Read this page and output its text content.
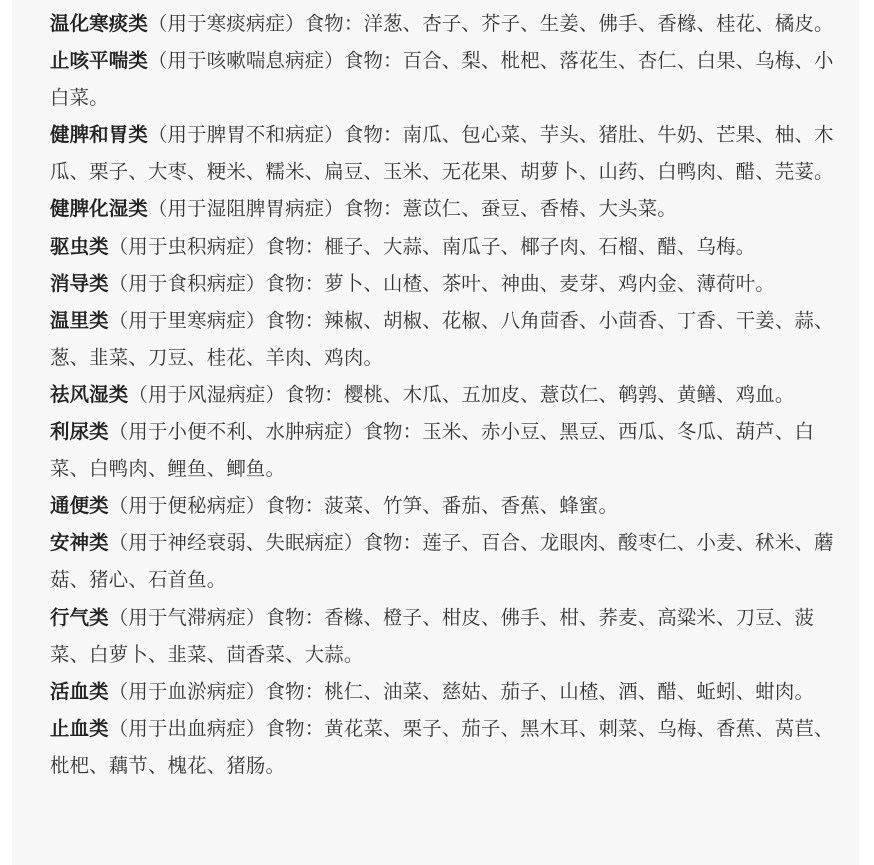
温化寒痰类（用于寒痰病症）食物：洋葱、杏子、芥子、生姜、佛手、香橼、桂花、橘皮。

止咳平喘类（用于咳嗽喘息病症）食物：百合、梨、枇杷、落花生、杏仁、白果、乌梅、小白菜。

健脾和胃类（用于脾胃不和病症）食物：南瓜、包心菜、芋头、猪肚、牛奶、芒果、柚、木瓜、栗子、大枣、粳米、糯米、扁豆、玉米、无花果、胡萝卜、山药、白鸭肉、醋、芫荽。

健脾化湿类（用于湿阻脾胃病症）食物：薏苡仁、蚕豆、香椿、大头菜。

驱虫类（用于虫积病症）食物：榧子、大蒜、南瓜子、椰子肉、石榴、醋、乌梅。

消导类（用于食积病症）食物：萝卜、山楂、茶叶、神曲、麦芽、鸡内金、薄荷叶。

温里类（用于里寒病症）食物：辣椒、胡椒、花椒、八角茴香、小茴香、丁香、干姜、蒜、葱、韭菜、刀豆、桂花、羊肉、鸡肉。

祛风湿类（用于风湿病症）食物：樱桃、木瓜、五加皮、薏苡仁、鹌鹑、黄鳝、鸡血。

利尿类（用于小便不利、水肿病症）食物：玉米、赤小豆、黑豆、西瓜、冬瓜、葫芦、白菜、白鸭肉、鲤鱼、鲫鱼。

通便类（用于便秘病症）食物：菠菜、竹笋、番茄、香蕉、蜂蜜。

安神类（用于神经衰弱、失眠病症）食物：莲子、百合、龙眼肉、酸枣仁、小麦、秫米、蘑菇、猪心、石首鱼。

行气类（用于气滞病症）食物：香橼、橙子、柑皮、佛手、柑、荞麦、高粱米、刀豆、菠菜、白萝卜、韭菜、茴香菜、大蒜。

活血类（用于血淤病症）食物：桃仁、油菜、慈姑、茄子、山楂、酒、醋、蚯蚓、蚶肉。

止血类（用于出血病症）食物：黄花菜、栗子、茄子、黑木耳、刺菜、乌梅、香蕉、莴苣、枇杷、藕节、槐花、猪肠。
